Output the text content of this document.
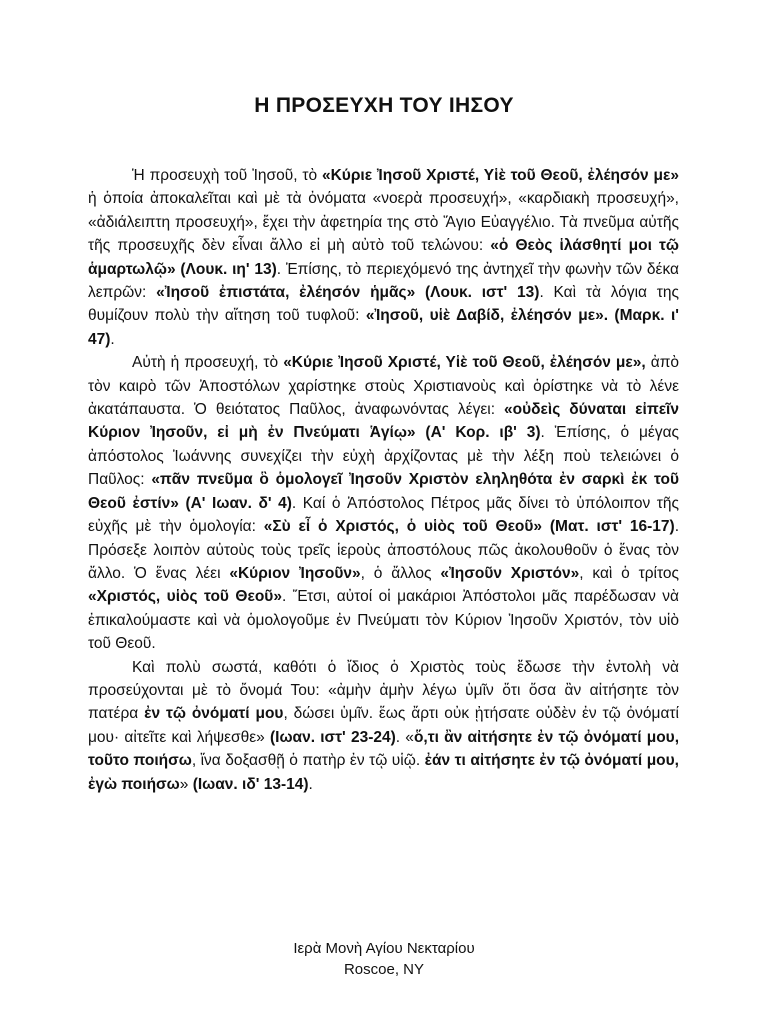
Η ΠΡΟΣΕΥΧΗ ΤΟΥ ΙΗΣΟΥ

Ἡ προσευχὴ τοῦ Ἰησοῦ, τὸ «Κύριε Ἰησοῦ Χριστέ, Υἱὲ τοῦ Θεοῦ, ἐλέησόν με» ἡ ὁποία ἀποκαλεῖται καὶ μὲ τὰ ὀνόματα «νοερὰ προσευχή», «καρδιακὴ προσευχή», «ἀδιάλειπτη προσευχή», ἔχει τὴν ἀφετηρία της στὸ Ἅγιο Εὐαγγέλιο. Τὰ πνεῦμα αὐτῆς τῆς προσευχῆς δὲν εἶναι ἄλλο εἰ μὴ αὐτὸ τοῦ τελώνου: «ὁ Θεὸς ἱλάσθητί μοι τῷ ἁμαρτωλῷ» (Λουκ. ιη' 13). Ἐπίσης, τὸ περιεχόμενό της ἀντηχεῖ τὴν φωνὴν τῶν δέκα λεπρῶν: «Ἰησοῦ ἐπιστάτα, ἐλέησόν ἡμᾶς» (Λουκ. ιστ' 13). Καὶ τὰ λόγια της θυμίζουν πολὺ τὴν αἴτηση τοῦ τυφλοῦ: «Ἰησοῦ, υἱὲ Δαβίδ, ἐλέησόν με». (Μαρκ. ι' 47).

Αὐτὴ ἡ προσευχή, τὸ «Κύριε Ἰησοῦ Χριστέ, Υἱὲ τοῦ Θεοῦ, ἐλέησόν με», ἀπὸ τὸν καιρὸ τῶν Ἀποστόλων χαρίστηκε στοὺς Χριστιανοὺς καὶ ὁρίστηκε νὰ τὸ λένε ἀκατάπαυστα. Ὁ θειότατος Παῦλος, ἀναφωνόντας λέγει: «οὐδεὶς δύναται εἰπεῖν Κύριον Ἰησοῦν, εἰ μὴ ἐν Πνεύματι Ἁγίῳ» (Α' Κορ. ιβ' 3). Ἐπίσης, ὁ μέγας ἀπόστολος Ἰωάννης συνεχίζει τὴν εὐχὴ ἀρχίζοντας μὲ τὴν λέξη ποὺ τελειώνει ὁ Παῦλος: «πᾶν πνεῦμα ὃ ὁμολογεῖ Ἰησοῦν Χριστὸν εληληθότα ἐν σαρκὶ ἐκ τοῦ Θεοῦ ἐστίν» (Α' Ιωαν. δ' 4). Καί ὁ Ἀπόστολος Πέτρος μᾶς δίνει τὸ ὑπόλοιπον τῆς εὐχῆς μὲ τὴν ὁμολογία: «Σὺ εἶ ὁ Χριστός, ὁ υἱὸς τοῦ Θεοῦ» (Ματ. ιστ' 16-17). Πρόσεξε λοιπὸν αὐτοὺς τοὺς τρεῖς ἱεροὺς ἀποστόλους πῶς ἀκολουθοῦν ὁ ἕνας τὸν ἄλλο. Ὁ ἕνας λέει «Κύριον Ἰησοῦν», ὁ ἄλλος «Ἰησοῦν Χριστόν», καὶ ὁ τρίτος «Χριστός, υἱὸς τοῦ Θεοῦ». Ἔτσι, αὐτοί οἱ μακάριοι Ἀπόστολοι μᾶς παρέδωσαν νὰ ἐπικαλούμαστε καὶ νὰ ὁμολογοῦμε ἐν Πνεύματι τὸν Κύριον Ἰησοῦν Χριστόν, τὸν υἱὸ τοῦ Θεοῦ.

Καὶ πολὺ σωστά, καθότι ὁ ἴδιος ὁ Χριστὸς τοὺς ἔδωσε τὴν ἐντολὴ νὰ προσεύχονται μὲ τὸ ὄνομά Του: «ἀμὴν ἀμὴν λέγω ὑμῖν ὅτι ὅσα ἂν αἰτήσητε τὸν πατέρα ἐν τῷ ὀνόματί μου, δώσει ὑμῖν. ἕως ἄρτι οὐκ ᾐτήσατε οὐδὲν ἐν τῷ ὀνόματί μου· αἰτεῖτε καὶ λήψεσθε» (Ιωαν. ιστ' 23-24). «ὅ,τι ἂν αἰτήσητε ἐν τῷ ὀνόματί μου, τοῦτο ποιήσω, ἵνα δοξασθῇ ὁ πατὴρ ἐν τῷ υἱῷ. ἐάν τι αἰτήσητε ἐν τῷ ὀνόματί μου, ἐγὼ ποιήσω» (Ιωαν. ιδ' 13-14).

Ιερὰ Μονὴ Αγίου Νεκταρίου
Roscoe, NY
